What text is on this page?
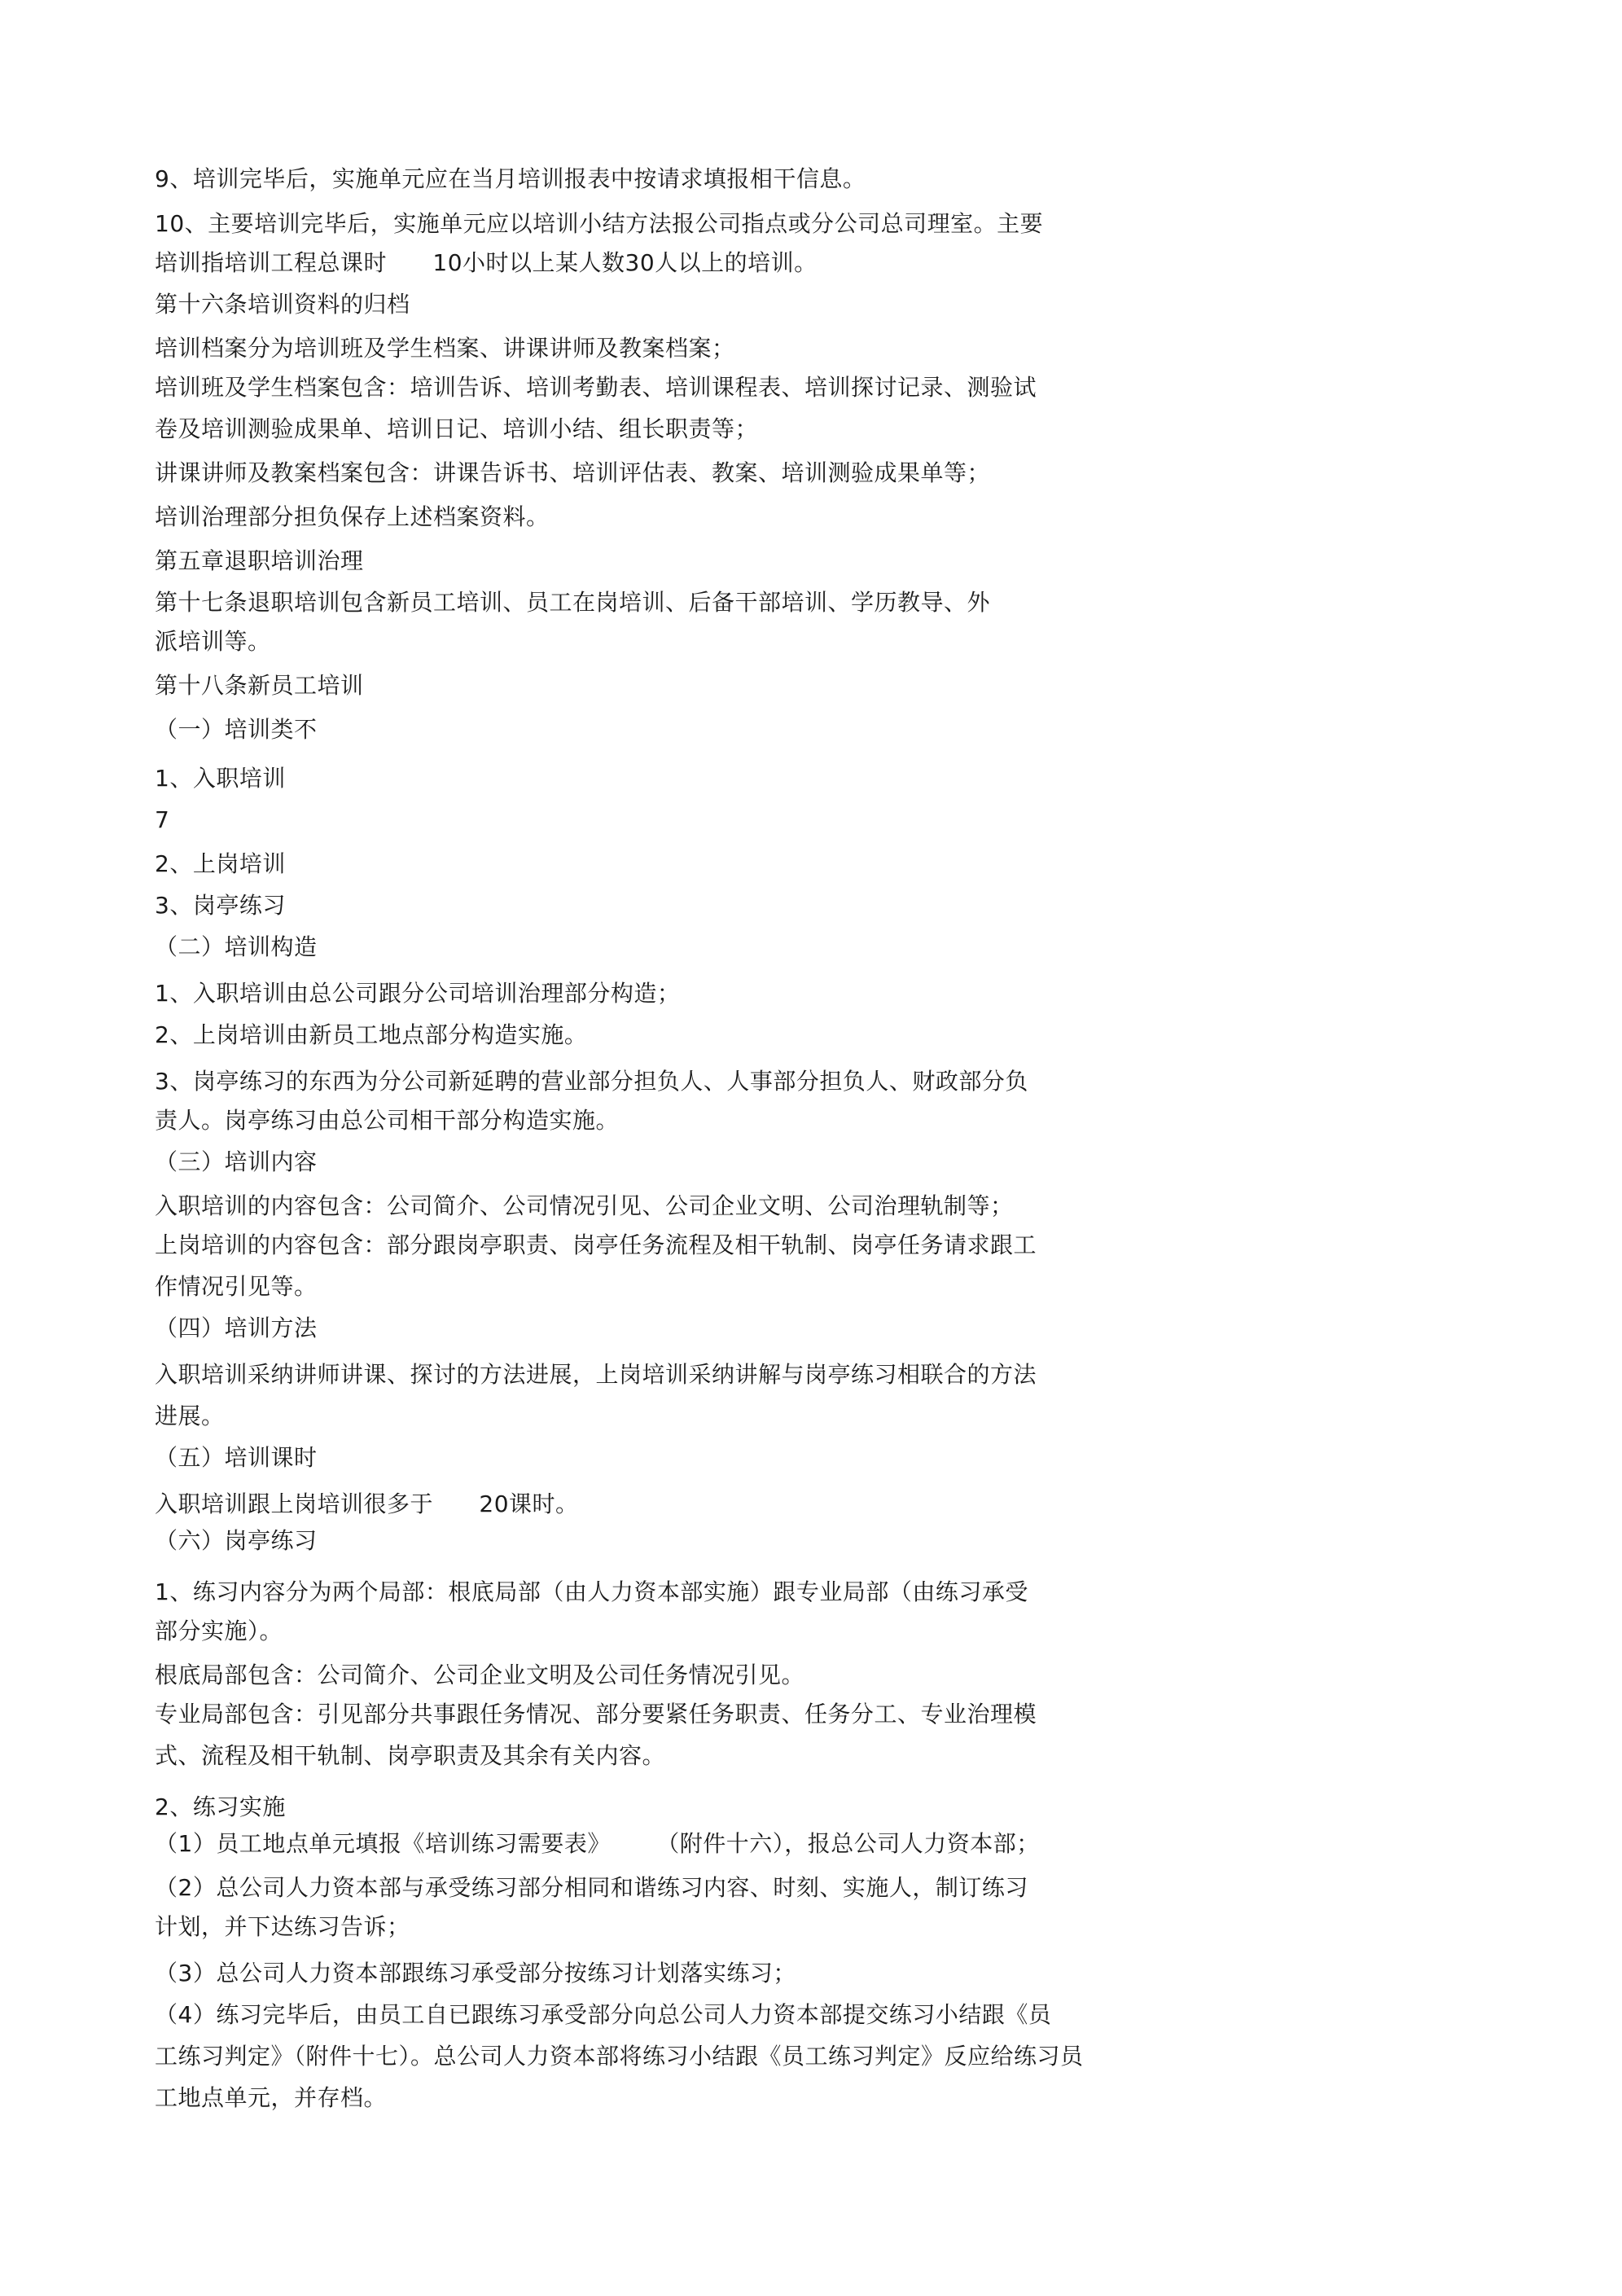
9、培训完毕后，实施单元应在当月培训报表中按请求填报相干信息。
10、主要培训完毕后，实施单元应以培训小结方法报公司指点或分公司总司理室。主要
培训指培训工程总课时      10小时以上某人数30人以上的培训。
第十六条培训资料的归档
培训档案分为培训班及学生档案、讲课讲师及教案档案；
培训班及学生档案包含：培训告诉、培训考勤表、培训课程表、培训探讨记录、测验试
卷及培训测验成果单、培训日记、培训小结、组长职责等；
讲课讲师及教案档案包含：讲课告诉书、培训评估表、教案、培训测验成果单等；
培训治理部分担负保存上述档案资料。
第五章退职培训治理
第十七条退职培训包含新员工培训、员工在岗培训、后备干部培训、学历教导、外
派培训等。
第十八条新员工培训
（一）培训类不
1、入职培训
7
2、上岗培训
3、岗亭练习
（二）培训构造
1、入职培训由总公司跟分公司培训治理部分构造；
2、上岗培训由新员工地点部分构造实施。
3、岗亭练习的东西为分公司新延聘的营业部分担负人、人事部分担负人、财政部分负
责人。岗亭练习由总公司相干部分构造实施。
（三）培训内容
入职培训的内容包含：公司简介、公司情况引见、公司企业文明、公司治理轨制等；
上岗培训的内容包含：部分跟岗亭职责、岗亭任务流程及相干轨制、岗亭任务请求跟工
作情况引见等。
（四）培训方法
入职培训采纳讲师讲课、探讨的方法进展，上岗培训采纳讲解与岗亭练习相联合的方法
进展。
（五）培训课时
入职培训跟上岗培训很多于      20课时。
（六）岗亭练习
1、练习内容分为两个局部：根底局部（由人力资本部实施）跟专业局部（由练习承受
部分实施）。
根底局部包含：公司简介、公司企业文明及公司任务情况引见。
专业局部包含：引见部分共事跟任务情况、部分要紧任务职责、任务分工、专业治理模
式、流程及相干轨制、岗亭职责及其余有关内容。
2、练习实施
（1）员工地点单元填报《培训练习需要表》      （附件十六），报总公司人力资本部；
（2）总公司人力资本部与承受练习部分相同和谐练习内容、时刻、实施人，制订练习
计划，并下达练习告诉；
（3）总公司人力资本部跟练习承受部分按练习计划落实练习；
（4）练习完毕后，由员工自已跟练习承受部分向总公司人力资本部提交练习小结跟《员
工练习判定》（附件十七）。总公司人力资本部将练习小结跟《员工练习判定》反应给练习员
工地点单元，并存档。
